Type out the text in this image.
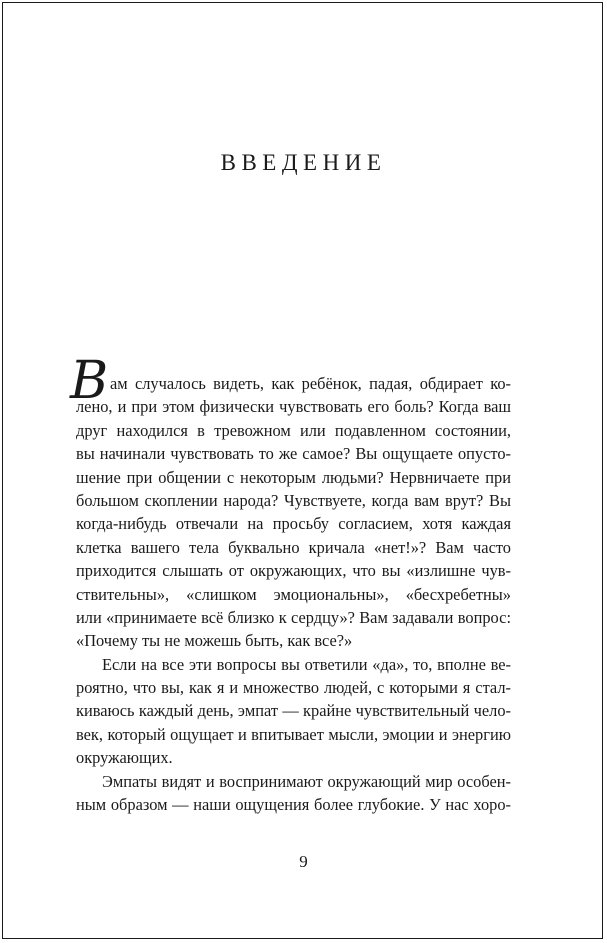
ВВЕДЕНИЕ
В ам случалось видеть, как ребёнок, падая, обдирает ко-
лено, и при этом физически чувствовать его боль? Когда ваш
друг находился в тревожном или подавленном состоянии,
вы начинали чувствовать то же самое? Вы ощущаете опусто-
шение при общении с некоторым людьми? Нервничаете при
большом скоплении народа? Чувствуете, когда вам врут? Вы
когда-нибудь отвечали на просьбу согласием, хотя каждая
клетка вашего тела буквально кричала «нет!»? Вам часто
приходится слышать от окружающих, что вы «излишне чув-
ствительны», «слишком эмоциональны», «бесхребетны»
или «принимаете всё близко к сердцу»? Вам задавали вопрос:
«Почему ты не можешь быть, как все?»
Если на все эти вопросы вы ответили «да», то, вполне ве-
роятно, что вы, как я и множество людей, с которыми я стал-
киваюсь каждый день, эмпат — крайне чувствительный чело-
век, который ощущает и впитывает мысли, эмоции и энергию
окружающих.
Эмпаты видят и воспринимают окружающий мир особен-
ным образом — наши ощущения более глубокие. У нас хоро-
9
